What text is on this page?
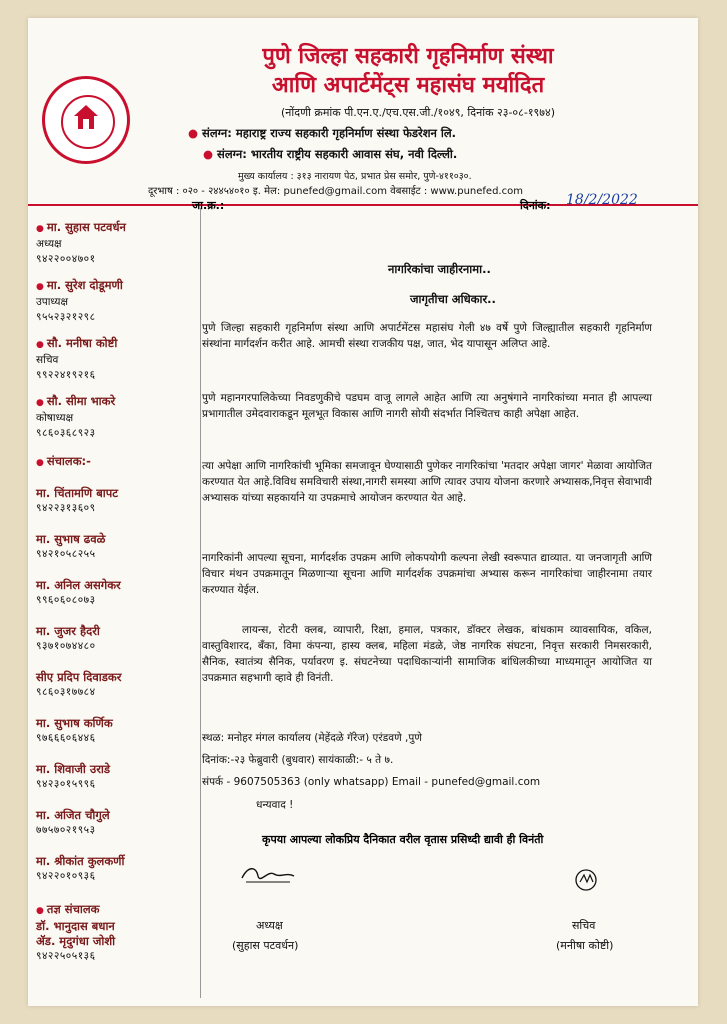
पुणे जिल्हा सहकारी गृहनिर्माण संस्था
आणि अपार्टमेंट्स महासंघ मर्यादित
(नोंदणी क्रमांक पी.एन.ए./एच.एस.जी./१०४९, दिनांक २३-०८-१९७४)
● संलग्न: महाराष्ट्र राज्य सहकारी गृहनिर्माण संस्था फेडरेशन लि.
● संलग्न: भारतीय राष्ट्रीय सहकारी आवास संघ, नवी दिल्ली.
मुख्य कार्यालय : ३१३ नारायण पेठ, प्रभात प्रेस समोर, पुणे-४११०३०.
दूरभाष : ०२० - २४४५४०१० इ. मेल: punefed@gmail.com वेबसाईट : www.punefed.com
● मा. सुहास पटवर्धन
अध्यक्ष
९४२२००४७०१
● मा. सुरेश दोडूमणी
उपाध्यक्ष
९५५२३२१२९८
● सौ. मनीषा कोष्टी
सचिव
९९२२४१९२१६
● सौ. सीमा भाकरे
कोषाध्यक्ष
९८६०३६८९२३
● संचालक:-
मा. चिंतामणि बापट
९४२२३१३६०९
मा. सुभाष ढवळे
९४२१०५८२५५
मा. अनिल असगेकर
९९६०६०८०७३
मा. जुजर हैदरी
९३७१०७४४८०
सीए प्रदिप दिवाडकर
९८६०३१७७८४
मा. सुभाष कर्णिक
९७६६६०६४४६
मा. शिवाजी उराडे
९४२३०१५९९६
मा. अजित चौगुले
७७५७०२१९५३
मा. श्रीकांत कुलकर्णी
९४२२०१०९३६
● तज्ञ संचालक
डॉ. भानुदास बधान
ॲड. मृदुगंधा जोशी
९४२२५०५१३६
जा.क्र.:	दिनांक: 18/2/2022
नागरिकांचा जाहीरनामा..
जागृतीचा अधिकार..
पुणे जिल्हा सहकारी गृहनिर्माण संस्था आणि अपार्टमेंटस महासंघ गेली ४७ वर्षे पुणे जिल्ह्यातील सहकारी गृहनिर्माण संस्थांना मार्गदर्शन करीत आहे. आमची संस्था राजकीय पक्ष, जात, भेद यापासून अलिप्त आहे.
पुणे महानगरपालिकेच्या निवडणुकीचे पडघम वाजू लागले आहेत आणि त्या अनुषंगाने नागरिकांच्या मनात ही आपल्या प्रभागातील उमेदवाराकडून मूलभूत विकास आणि नागरी सोयी संदर्भात निश्चितच काही अपेक्षा आहेत.
त्या अपेक्षा आणि नागरिकांची भूमिका समजावून घेण्यासाठी पुणेकर नागरिकांचा 'मतदार अपेक्षा जागर' मेळावा आयोजित करण्यात येत आहे.विविध समविचारी संस्था,नागरी समस्या आणि त्यावर उपाय योजना करणारे अभ्यासक,निवृत्त सेवाभावी अभ्यासक यांच्या सहकार्याने या उपक्रमाचे आयोजन करण्यात येत आहे.
नागरिकांनी आपल्या सूचना, मार्गदर्शक उपक्रम आणि लोकपयोगी कल्पना लेखी स्वरूपात द्याव्यात. या जनजागृती आणि विचार मंथन उपक्रमातून मिळणाऱ्या सूचना आणि मार्गदर्शक उपक्रमांचा अभ्यास करून नागरिकांचा जाहीरनामा तयार करण्यात येईल.
लायन्स, रोटरी क्लब, व्यापारी, रिक्षा, हमाल, पत्रकार, डॉक्टर लेखक, बांधकाम व्यावसायिक, वकिल, वास्तुविशारद, बँका, विमा कंपन्या, हास्य क्लब, महिला मंडळे, जेष्ठ नागरिक संघटना, निवृत्त सरकारी निमसरकारी, सैनिक, स्वातंत्र्य सैनिक, पर्यावरण इ. संघटनेच्या पदाधिकाऱ्यांनी सामाजिक बांधिलकीच्या माध्यमातून आयोजित या उपक्रमात सहभागी व्हावे ही विनंती.
स्थळ: मनोहर मंगल कार्यालय (मेहेंदळे गॅरेज) एरंडवणे ,पुणे
दिनांक:-२३ फेब्रुवारी (बुधवार) सायंकाळी:- ५ ते ७.
संपर्क - 9607505363 (only whatsapp) Email - punefed@gmail.com
धन्यवाद !
कृपया आपल्या लोकप्रिय दैनिकात वरील वृतास प्रसिध्दी द्यावी ही विनंती
अध्यक्ष
(सुहास पटवर्धन)
सचिव
(मनीषा कोष्टी)
